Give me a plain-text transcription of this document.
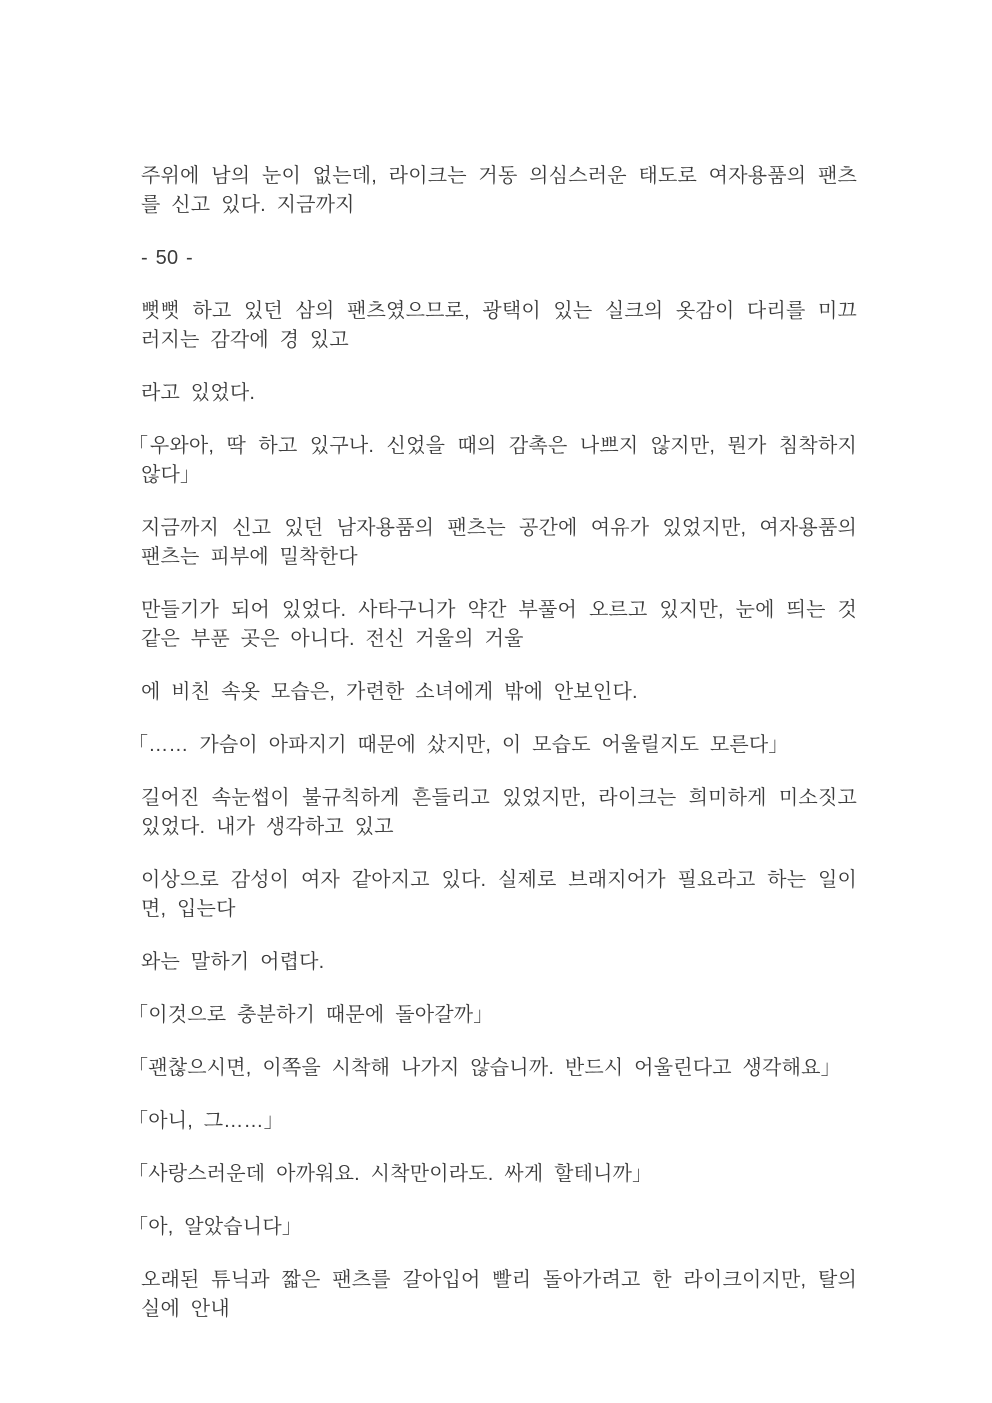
주위에 남의 눈이 없는데, 라이크는 거동 의심스러운 태도로 여자용품의 팬츠를 신고 있다. 지금까지

- 50 -

뻣뻣 하고 있던 삼의 팬츠였으므로, 광택이 있는 실크의 옷감이 다리를 미끄러지는 감각에 경 있고

라고 있었다.

「우와아, 딱 하고 있구나. 신었을 때의 감촉은 나쁘지 않지만, 뭔가 침착하지 않다」

지금까지 신고 있던 남자용품의 팬츠는 공간에 여유가 있었지만, 여자용품의 팬츠는 피부에 밀착한다

만들기가 되어 있었다. 사타구니가 약간 부풀어 오르고 있지만, 눈에 띄는 것 같은 부푼 곳은 아니다. 전신 거울의 거울

에 비친 속옷 모습은, 가련한 소녀에게 밖에 안보인다.

「…… 가슴이 아파지기 때문에 샀지만, 이 모습도 어울릴지도 모른다」

길어진 속눈썹이 불규칙하게 흔들리고 있었지만, 라이크는 희미하게 미소짓고 있었다. 내가 생각하고 있고

이상으로 감성이 여자 같아지고 있다. 실제로 브래지어가 필요라고 하는 일이면, 입는다

와는 말하기 어렵다.

「이것으로 충분하기 때문에 돌아갈까」

「괜찮으시면, 이쪽을 시착해 나가지 않습니까. 반드시 어울린다고 생각해요」

「아니, 그……」

「사랑스러운데 아까워요. 시착만이라도. 싸게 할테니까」

「아, 알았습니다」

오래된 튜닉과 짧은 팬츠를 갈아입어 빨리 돌아가려고 한 라이크이지만, 탈의실에 안내
